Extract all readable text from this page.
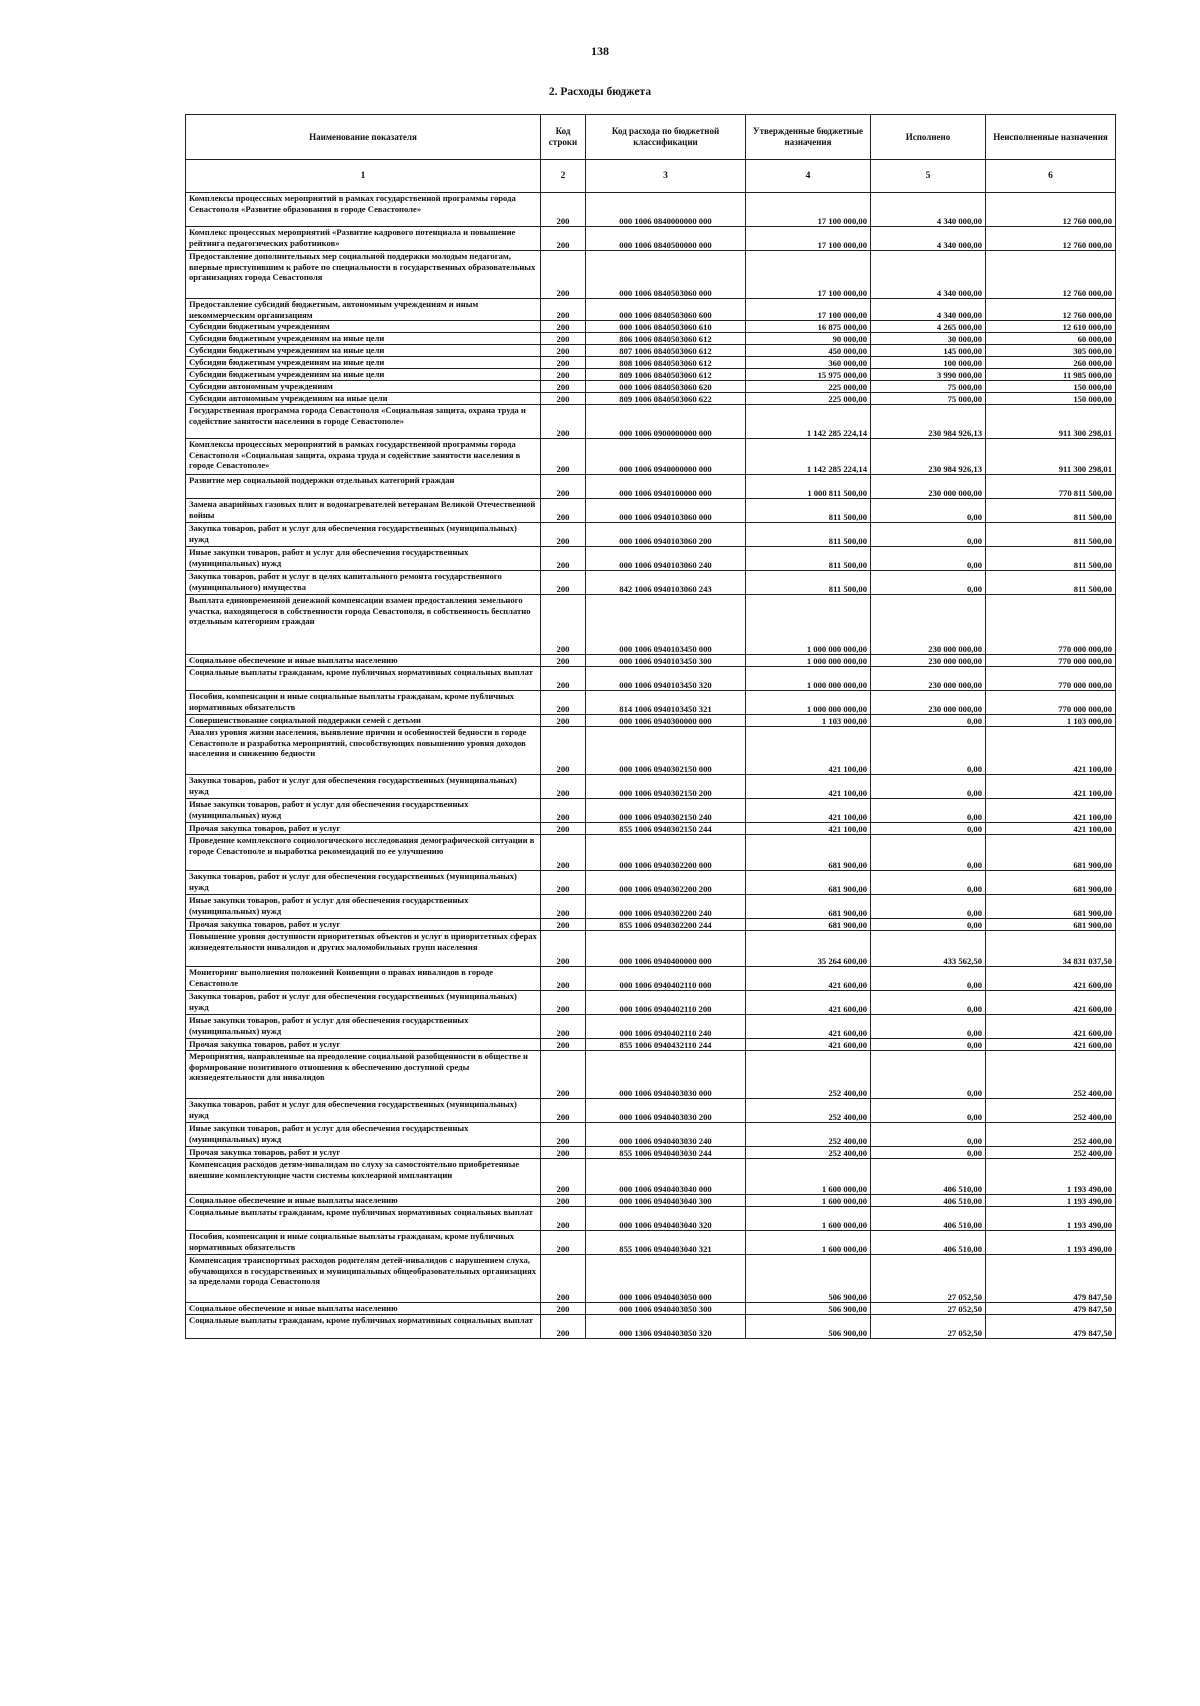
138
2. Расходы бюджета
Наименование показателя	Код строки	Код расхода по бюджетной классификации	Утвержденные бюджетные назначения	Исполнено	Неисполненные назначения
1	2	3	4	5	6
Комплексы процессных мероприятий в рамках государственной программы города Севастополя «Развитие образования в городе Севастополе»	200	000 1006 0840000000 000	17 100 000,00	4 340 000,00	12 760 000,00
Комплекс процессных мероприятий «Развитие кадрового потенциала и повышение рейтинга педагогических работников»	200	000 1006 0840500000 000	17 100 000,00	4 340 000,00	12 760 000,00
Предоставление дополнительных мер социальной поддержки молодым педагогам, впервые приступившим к работе по специальности в государственных образовательных организациях города Севастополя	200	000 1006 0840503060 000	17 100 000,00	4 340 000,00	12 760 000,00
Предоставление субсидий бюджетным, автономным учреждениям и иным некоммерческим организациям	200	000 1006 0840503060 600	17 100 000,00	4 340 000,00	12 760 000,00
Субсидии бюджетным учреждениям	200	000 1006 0840503060 610	16 875 000,00	4 265 000,00	12 610 000,00
Субсидии бюджетным учреждениям на иные цели	200	806 1006 0840503060 612	90 000,00	30 000,00	60 000,00
Субсидии бюджетным учреждениям на иные цели	200	807 1006 0840503060 612	450 000,00	145 000,00	305 000,00
Субсидии бюджетным учреждениям на иные цели	200	808 1006 0840503060 612	360 000,00	100 000,00	260 000,00
Субсидии бюджетным учреждениям на иные цели	200	809 1006 0840503060 612	15 975 000,00	3 990 000,00	11 985 000,00
Субсидии автономным учреждениям	200	000 1006 0840503060 620	225 000,00	75 000,00	150 000,00
Субсидии автономным учреждениям на иные цели	200	809 1006 0840503060 622	225 000,00	75 000,00	150 000,00
Государственная программа города Севастополя «Социальная защита, охрана труда и содействие занятости населения в городе Севастополе»	200	000 1006 0900000000 000	1 142 285 224,14	230 984 926,13	911 300 298,01
Комплексы процессных мероприятий в рамках государственной программы города Севастополя «Социальная защита, охрана труда и содействие занятости населения в городе Севастополе»	200	000 1006 0940000000 000	1 142 285 224,14	230 984 926,13	911 300 298,01
Развитие мер социальной поддержки отдельных категорий граждан	200	000 1006 0940100000 000	1 000 811 500,00	230 000 000,00	770 811 500,00
Замена аварийных газовых плит и водонагревателей ветеранам Великой Отечественной войны	200	000 1006 0940103060 000	811 500,00	0,00	811 500,00
Закупка товаров, работ и услуг для обеспечения государственных (муниципальных) нужд	200	000 1006 0940103060 200	811 500,00	0,00	811 500,00
Иные закупки товаров, работ и услуг для обеспечения государственных (муниципальных) нужд	200	000 1006 0940103060 240	811 500,00	0,00	811 500,00
Закупка товаров, работ и услуг в целях капитального ремонта государственного (муниципального) имущества	200	842 1006 0940103060 243	811 500,00	0,00	811 500,00
Выплата единовременной денежной компенсации взамен предоставления земельного участка, находящегося в собственности города Севастополя, в собственность бесплатно отдельным категориям граждан	200	000 1006 0940103450 000	1 000 000 000,00	230 000 000,00	770 000 000,00
Социальное обеспечение и иные выплаты населению	200	000 1006 0940103450 300	1 000 000 000,00	230 000 000,00	770 000 000,00
Социальные выплаты гражданам, кроме публичных нормативных социальных выплат	200	000 1006 0940103450 320	1 000 000 000,00	230 000 000,00	770 000 000,00
Пособия, компенсации и иные социальные выплаты гражданам, кроме публичных нормативных обязательств	200	814 1006 0940103450 321	1 000 000 000,00	230 000 000,00	770 000 000,00
Совершенствование социальной поддержки семей с детьми	200	000 1006 0940300000 000	1 103 000,00	0,00	1 103 000,00
Анализ уровня жизни населения, выявление причин и особенностей бедности в городе Севастополе и разработка мероприятий, способствующих повышению уровня доходов населения и снижению бедности	200	000 1006 0940302150 000	421 100,00	0,00	421 100,00
Закупка товаров, работ и услуг для обеспечения государственных (муниципальных) нужд	200	000 1006 0940302150 200	421 100,00	0,00	421 100,00
Иные закупки товаров, работ и услуг для обеспечения государственных (муниципальных) нужд	200	000 1006 0940302150 240	421 100,00	0,00	421 100,00
Прочая закупка товаров, работ и услуг	200	855 1006 0940302150 244	421 100,00	0,00	421 100,00
Проведение комплексного социологического исследования демографической ситуации в городе Севастополе и выработка рекомендаций по ее улучшению	200	000 1006 0940302200 000	681 900,00	0,00	681 900,00
Закупка товаров, работ и услуг для обеспечения государственных (муниципальных) нужд	200	000 1006 0940302200 200	681 900,00	0,00	681 900,00
Иные закупки товаров, работ и услуг для обеспечения государственных (муниципальных) нужд	200	000 1006 0940302200 240	681 900,00	0,00	681 900,00
Прочая закупка товаров, работ и услуг	200	855 1006 0940302200 244	681 900,00	0,00	681 900,00
Повышение уровня доступности приоритетных объектов и услуг в приоритетных сферах жизнедеятельности инвалидов и других маломобильных групп населения	200	000 1006 0940400000 000	35 264 600,00	433 562,50	34 831 037,50
Мониторинг выполнения положений Конвенции о правах инвалидов в городе Севастополе	200	000 1006 0940402110 000	421 600,00	0,00	421 600,00
Закупка товаров, работ и услуг для обеспечения государственных (муниципальных) нужд	200	000 1006 0940402110 200	421 600,00	0,00	421 600,00
Иные закупки товаров, работ и услуг для обеспечения государственных (муниципальных) нужд	200	000 1006 0940402110 240	421 600,00	0,00	421 600,00
Прочая закупка товаров, работ и услуг	200	855 1006 0940432110 244	421 600,00	0,00	421 600,00
Мероприятия, направленные на преодоление социальной разобщенности в обществе и формирование позитивного отношения к обеспечению доступной среды жизнедеятельности для инвалидов	200	000 1006 0940403030 000	252 400,00	0,00	252 400,00
Закупка товаров, работ и услуг для обеспечения государственных (муниципальных) нужд	200	000 1006 0940403030 200	252 400,00	0,00	252 400,00
Иные закупки товаров, работ и услуг для обеспечения государственных (муниципальных) нужд	200	000 1006 0940403030 240	252 400,00	0,00	252 400,00
Прочая закупка товаров, работ и услуг	200	855 1006 0940403030 244	252 400,00	0,00	252 400,00
Компенсация расходов детям-инвалидам по слуху за самостоятельно приобретенные внешние комплектующие части системы кохлеарной имплантации	200	000 1006 0940403040 000	1 600 000,00	406 510,00	1 193 490,00
Социальное обеспечение и иные выплаты населению	200	000 1006 0940403040 300	1 600 000,00	406 510,00	1 193 490,00
Социальные выплаты гражданам, кроме публичных нормативных социальных выплат	200	000 1006 0940403040 320	1 600 000,00	406 510,00	1 193 490,00
Пособия, компенсации и иные социальные выплаты гражданам, кроме публичных нормативных обязательств	200	855 1006 0940403040 321	1 600 000,00	406 510,00	1 193 490,00
Компенсация транспортных расходов родителям детей-инвалидов с нарушением слуха, обучающихся в государственных и муниципальных общеобразовательных организациях за пределами города Севастополя	200	000 1006 0940403050 000	506 900,00	27 052,50	479 847,50
Социальное обеспечение и иные выплаты населению	200	000 1006 0940403050 300	506 900,00	27 052,50	479 847,50
Социальные выплаты гражданам, кроме публичных нормативных социальных выплат	200	000 1306 0940403050 320	506 900,00	27 052,50	479 847,50
